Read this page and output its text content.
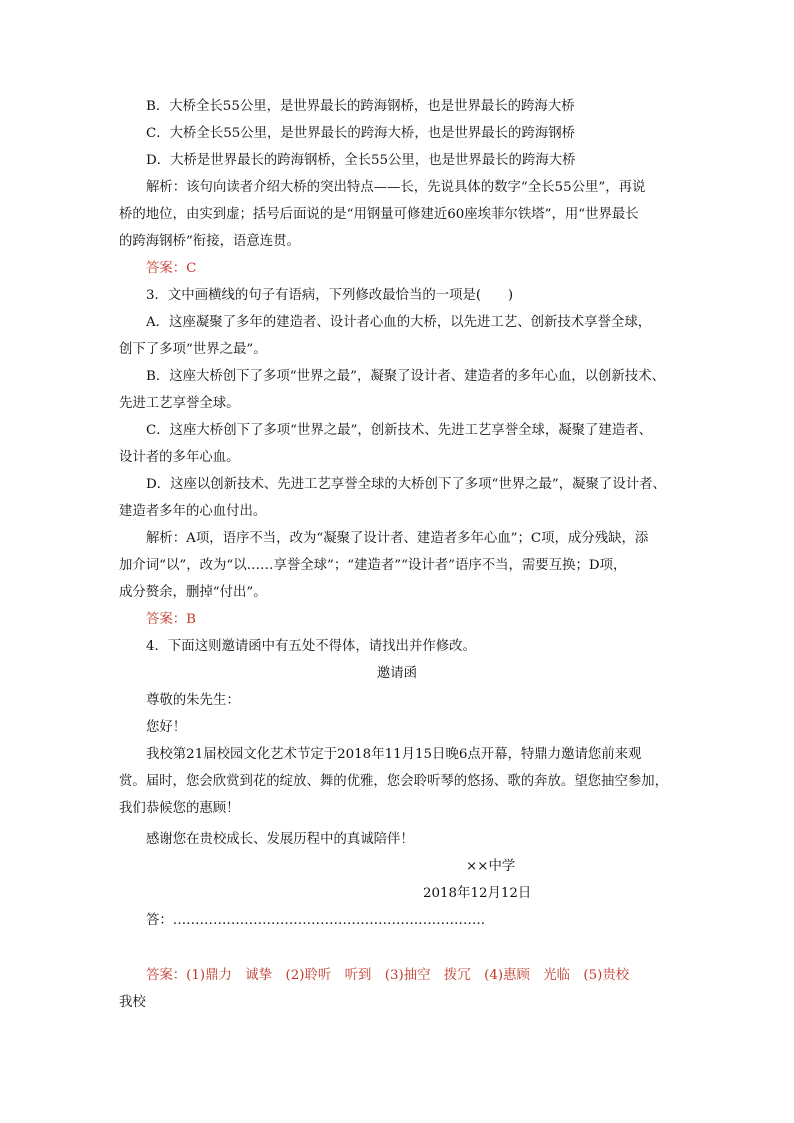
B．大桥全长55公里，是世界最长的跨海钢桥，也是世界最长的跨海大桥
C．大桥全长55公里，是世界最长的跨海大桥，也是世界最长的跨海钢桥
D．大桥是世界最长的跨海钢桥，全长55公里，也是世界最长的跨海大桥
解析：该句向读者介绍大桥的突出特点——长，先说具体的数字“全长55公里”，再说
桥的地位，由实到虚；括号后面说的是“用钢量可修建近60座埃菲尔铁塔”，用“世界最长
的跨海钢桥”衔接，语意连贯。
答案：C
3．文中画横线的句子有语病，下列修改最恰当的一项是(　　)
A．这座凝聚了多年的建造者、设计者心血的大桥，以先进工艺、创新技术享誉全球，
创下了多项“世界之最”。
B．这座大桥创下了多项“世界之最”，凝聚了设计者、建造者的多年心血，以创新技术、
先进工艺享誉全球。
C．这座大桥创下了多项“世界之最”，创新技术、先进工艺享誉全球，凝聚了建造者、
设计者的多年心血。
D．这座以创新技术、先进工艺享誉全球的大桥创下了多项“世界之最”，凝聚了设计者、
建造者多年的心血付出。
解析：A项，语序不当，改为“凝聚了设计者、建造者多年心血”；C项，成分残缺，添
加介词“以”，改为“以……享誉全球”；“建造者”“设计者”语序不当，需要互换；D项，
成分赘余，删掉“付出”。
答案：B
4．下面这则邀请函中有五处不得体，请找出并作修改。
邀请函
尊敬的朱先生：
您好！
我校第21届校园文化艺术节定于2018年11月15日晚6点开幕，特鼎力邀请您前来观
赏。届时，您会欣赏到花的绽放、舞的优雅，您会聆听琴的悠扬、歌的奔放。望您抽空参加，
我们恭候您的惠顾！
感谢您在贵校成长、发展历程中的真诚陪伴！
××中学
2018年12月12日
答：…………………………………………………………….
答案：(1)鼎力　诚挚　(2)聆听　听到　(3)抽空　拨冗　(4)惠顾　光临　(5)贵校
我校
